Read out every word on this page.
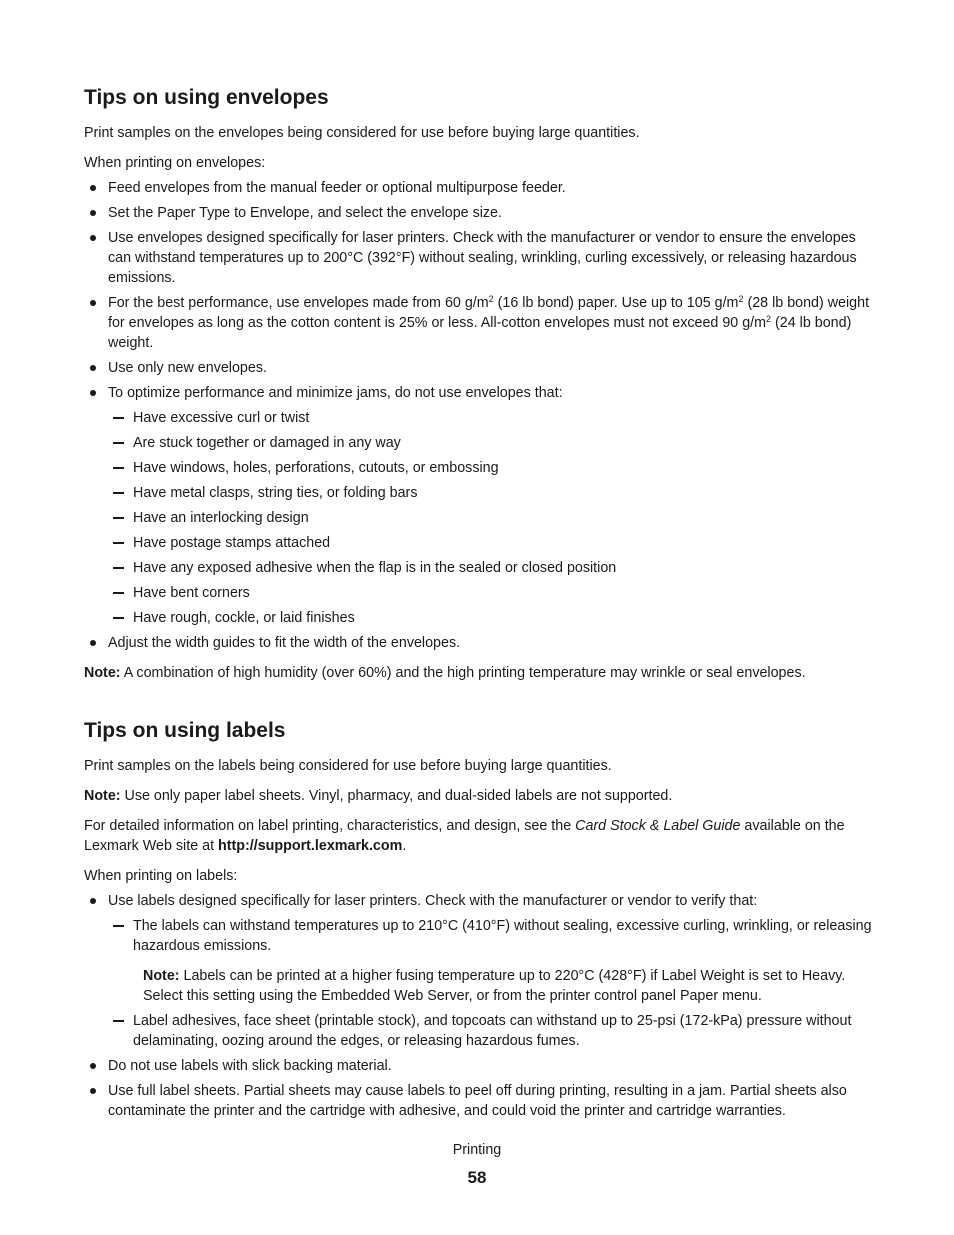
Tips on using envelopes

Print samples on the envelopes being considered for use before buying large quantities.

When printing on envelopes:

Feed envelopes from the manual feeder or optional multipurpose feeder.
Set the Paper Type to Envelope, and select the envelope size.
Use envelopes designed specifically for laser printers. Check with the manufacturer or vendor to ensure the envelopes can withstand temperatures up to 200°C (392°F) without sealing, wrinkling, curling excessively, or releasing hazardous emissions.
For the best performance, use envelopes made from 60 $g/m^2$ (16 lb bond) paper. Use up to 105 $g/m^2$ (28 lb bond) weight for envelopes as long as the cotton content is 25% or less. All-cotton envelopes must not exceed 90 $g/m^2$ (24 lb bond) weight.
Use only new envelopes.
To optimize performance and minimize jams, do not use envelopes that:
Have excessive curl or twist
Are stuck together or damaged in any way
Have windows, holes, perforations, cutouts, or embossing
Have metal clasps, string ties, or folding bars
Have an interlocking design
Have postage stamps attached
Have any exposed adhesive when the flap is in the sealed or closed position
Have bent corners
Have rough, cockle, or laid finishes
Adjust the width guides to fit the width of the envelopes.

Note: A combination of high humidity (over 60%) and the high printing temperature may wrinkle or seal envelopes.

Tips on using labels

Print samples on the labels being considered for use before buying large quantities.

Note: Use only paper label sheets. Vinyl, pharmacy, and dual-sided labels are not supported.

For detailed information on label printing, characteristics, and design, see the Card Stock & Label Guide available on the Lexmark Web site at http://support.lexmark.com.

When printing on labels:

Use labels designed specifically for laser printers. Check with the manufacturer or vendor to verify that:
The labels can withstand temperatures up to 210°C (410°F) without sealing, excessive curling, wrinkling, or releasing hazardous emissions.
Note: Labels can be printed at a higher fusing temperature up to 220°C (428°F) if Label Weight is set to Heavy. Select this setting using the Embedded Web Server, or from the printer control panel Paper menu.
Label adhesives, face sheet (printable stock), and topcoats can withstand up to 25‑psi (172‑kPa) pressure without delaminating, oozing around the edges, or releasing hazardous fumes.
Do not use labels with slick backing material.
Use full label sheets. Partial sheets may cause labels to peel off during printing, resulting in a jam. Partial sheets also contaminate the printer and the cartridge with adhesive, and could void the printer and cartridge warranties.
Printing
58
